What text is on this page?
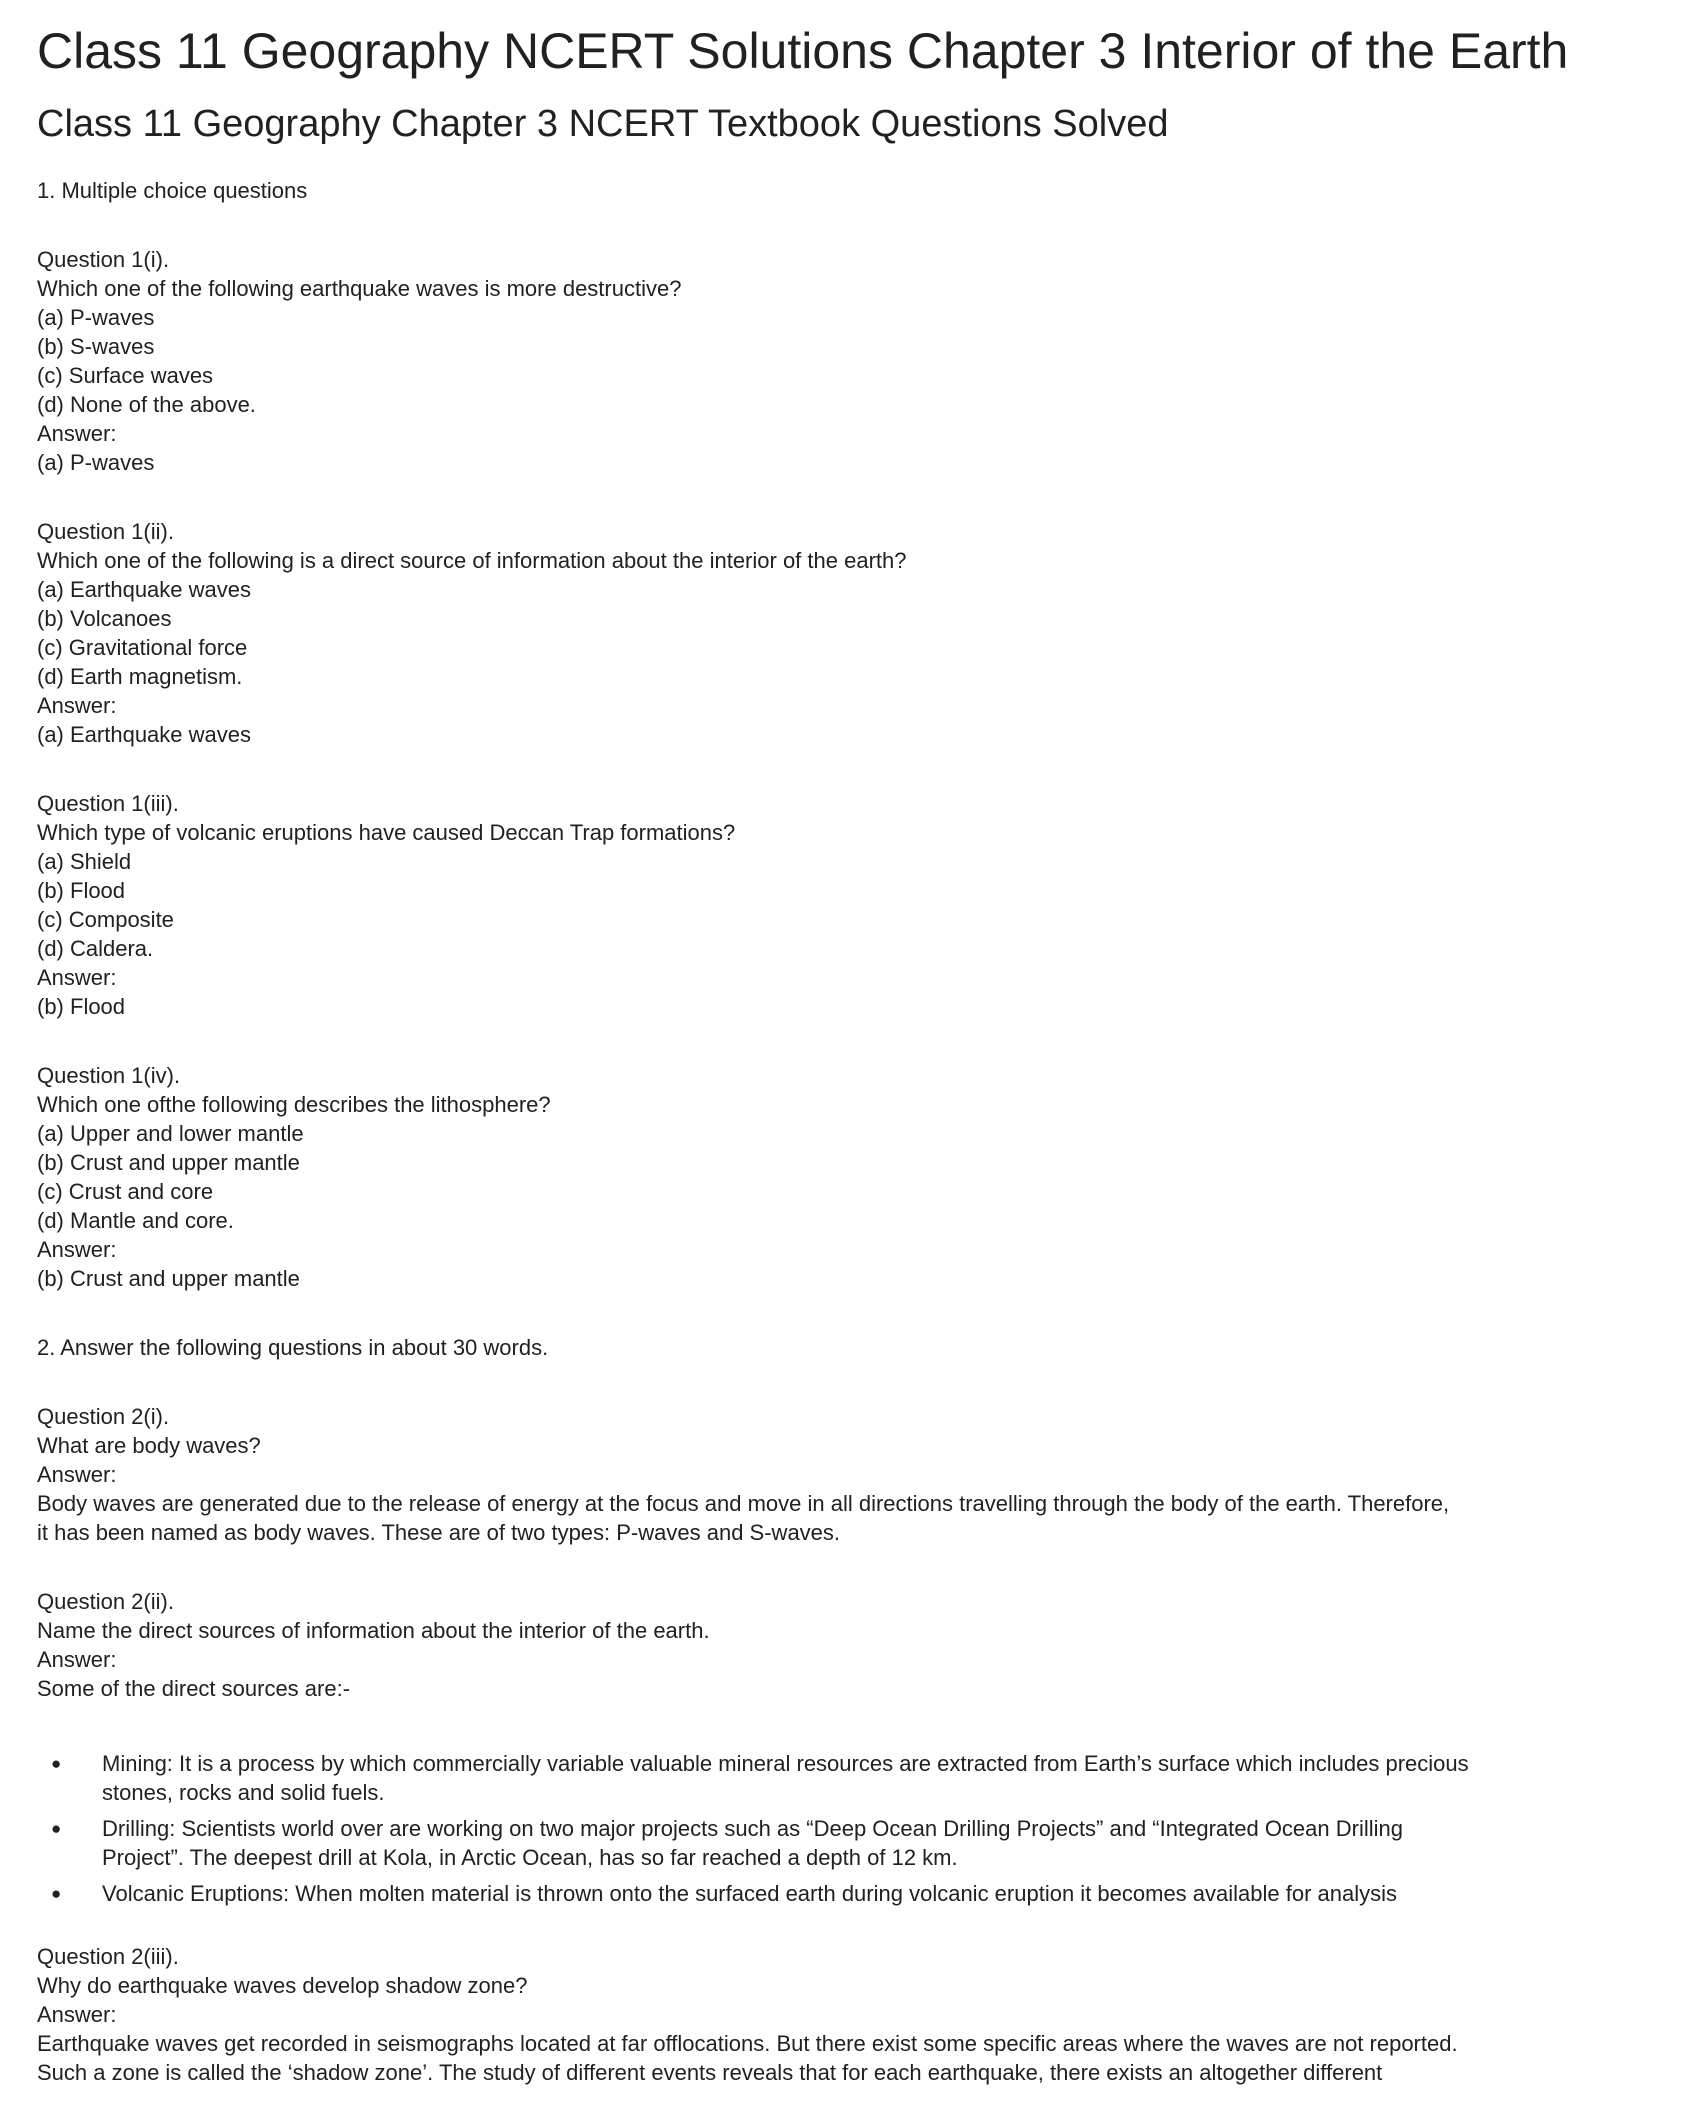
Class 11 Geography NCERT Solutions Chapter 3 Interior of the Earth
Class 11 Geography Chapter 3 NCERT Textbook Questions Solved

1. Multiple choice questions

Question 1(i).
Which one of the following earthquake waves is more destructive?
(a) P-waves
(b) S-waves
(c) Surface waves
(d) None of the above.
Answer:
(a) P-waves
Question 1(ii).
Which one of the following is a direct source of information about the interior of the earth?
(a) Earthquake waves
(b) Volcanoes
(c) Gravitational force
(d) Earth magnetism.
Answer:
(a) Earthquake waves
Question 1(iii).
Which type of volcanic eruptions have caused Deccan Trap formations?
(a) Shield
(b) Flood
(c) Composite
(d) Caldera.
Answer:
(b) Flood
Question 1(iv).
Which one ofthe following describes the lithosphere?
(a) Upper and lower mantle
(b) Crust and upper mantle
(c) Crust and core
(d) Mantle and core.
Answer:
(b) Crust and upper mantle

2. Answer the following questions in about 30 words.

Question 2(i).
What are body waves?
Answer:
Body waves are generated due to the release of energy at the focus and move in all directions travelling through the body of the earth. Therefore,
it has been named as body waves. These are of two types: P-waves and S-waves.
Question 2(ii).
Name the direct sources of information about the interior of the earth.
Answer:
Some of the direct sources are:-
● Mining: It is a process by which commercially variable valuable mineral resources are extracted from Earth’s surface which includes precious
stones, rocks and solid fuels.
● Drilling: Scientists world over are working on two major projects such as “Deep Ocean Drilling Projects” and “Integrated Ocean Drilling
Project”. The deepest drill at Kola, in Arctic Ocean, has so far reached a depth of 12 km.
● Volcanic Eruptions: When molten material is thrown onto the surfaced earth during volcanic eruption it becomes available for analysis
Question 2(iii).
Why do earthquake waves develop shadow zone?
Answer:
Earthquake waves get recorded in seismographs located at far offlocations. But there exist some specific areas where the waves are not reported.
Such a zone is called the ‘shadow zone’. The study of different events reveals that for each earthquake, there exists an altogether different
